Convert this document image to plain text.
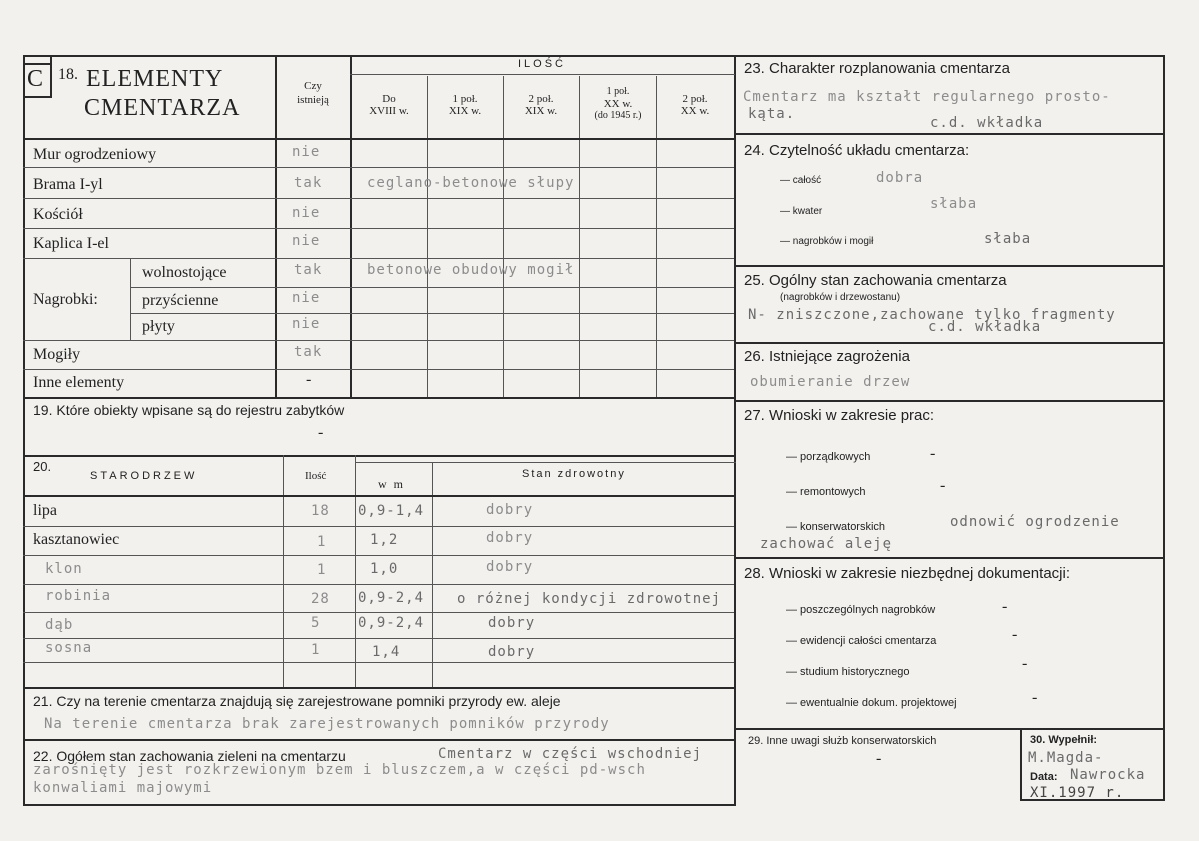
C 18. ELEMENTY
CMENTARZA
Czy
istnieją
ILOŚĆ
Do
XVIII w.
1 poł.
XIX w.
2 poł.
XIX w.
1 poł.
XX w.
(do 1945 r.)
2 poł.
XX w.
Mur ogrodzeniowy	nie
Brama I-yl	tak	ceglano-betonowe słupy
Kościół	nie
Kaplica I-el	nie
Nagrobki:
wolnostojące	tak	betonowe obudowy mogił
przyścienne	nie
płyty	nie
Mogiły	tak
Inne elementy	-
19. Które obiekty wpisane są do rejestru zabytków
-
20.
STARODRZEW	Ilość
w m
Stan zdrowotny
lipa	18 0,9-1,4	dobry
kasztanowiec	1	1,2	dobry
klon	1	1,0	dobry
robinia	28 0,9-2,4 o różnej kondycji zdrowotnej
dąb	5	0,9-2,4	dobry
sosna	1	1,4	dobry
21. Czy na terenie cmentarza znajdują się zarejestrowane pomniki przyrody ew. aleje
Na terenie cmentarza brak zarejestrowanych pomników przyrody
22. Ogółem stan zachowania zieleni na cmentarzu	Cmentarz w części wschodniej
zarośnięty jest rozkrzewionym bzem i bluszczem,a w części pd-wsch
konwaliami majowymi
23. Charakter rozplanowania cmentarza
Cmentarz ma kształt regularnego prosto-
kąta.
c.d. wkładka
24. Czytelność układu cmentarza:
— całość	dobra
— kwater	słaba
— nagrobków i mogił	słaba
25. Ogólny stan zachowania cmentarza
(nagrobków i drzewostanu)
N- zniszczone,zachowane tylko fragmenty
c.d. wkładka
26. Istniejące zagrożenia
obumieranie drzew
27. Wnioski w zakresie prac:
— porządkowych	-
— remontowych	-
— konserwatorskich	odnowić ogrodzenie
zachować aleję
28. Wnioski w zakresie niezbędnej dokumentacji:
— poszczególnych nagrobków	-
— ewidencji całości cmentarza	-
— studium historycznego	-
— ewentualnie dokum. projektowej	-
29. Inne uwagi służb konserwatorskich
-
30. Wypełnił:
M.Magda-
Data: Nawrocka
XI.1997 r.
